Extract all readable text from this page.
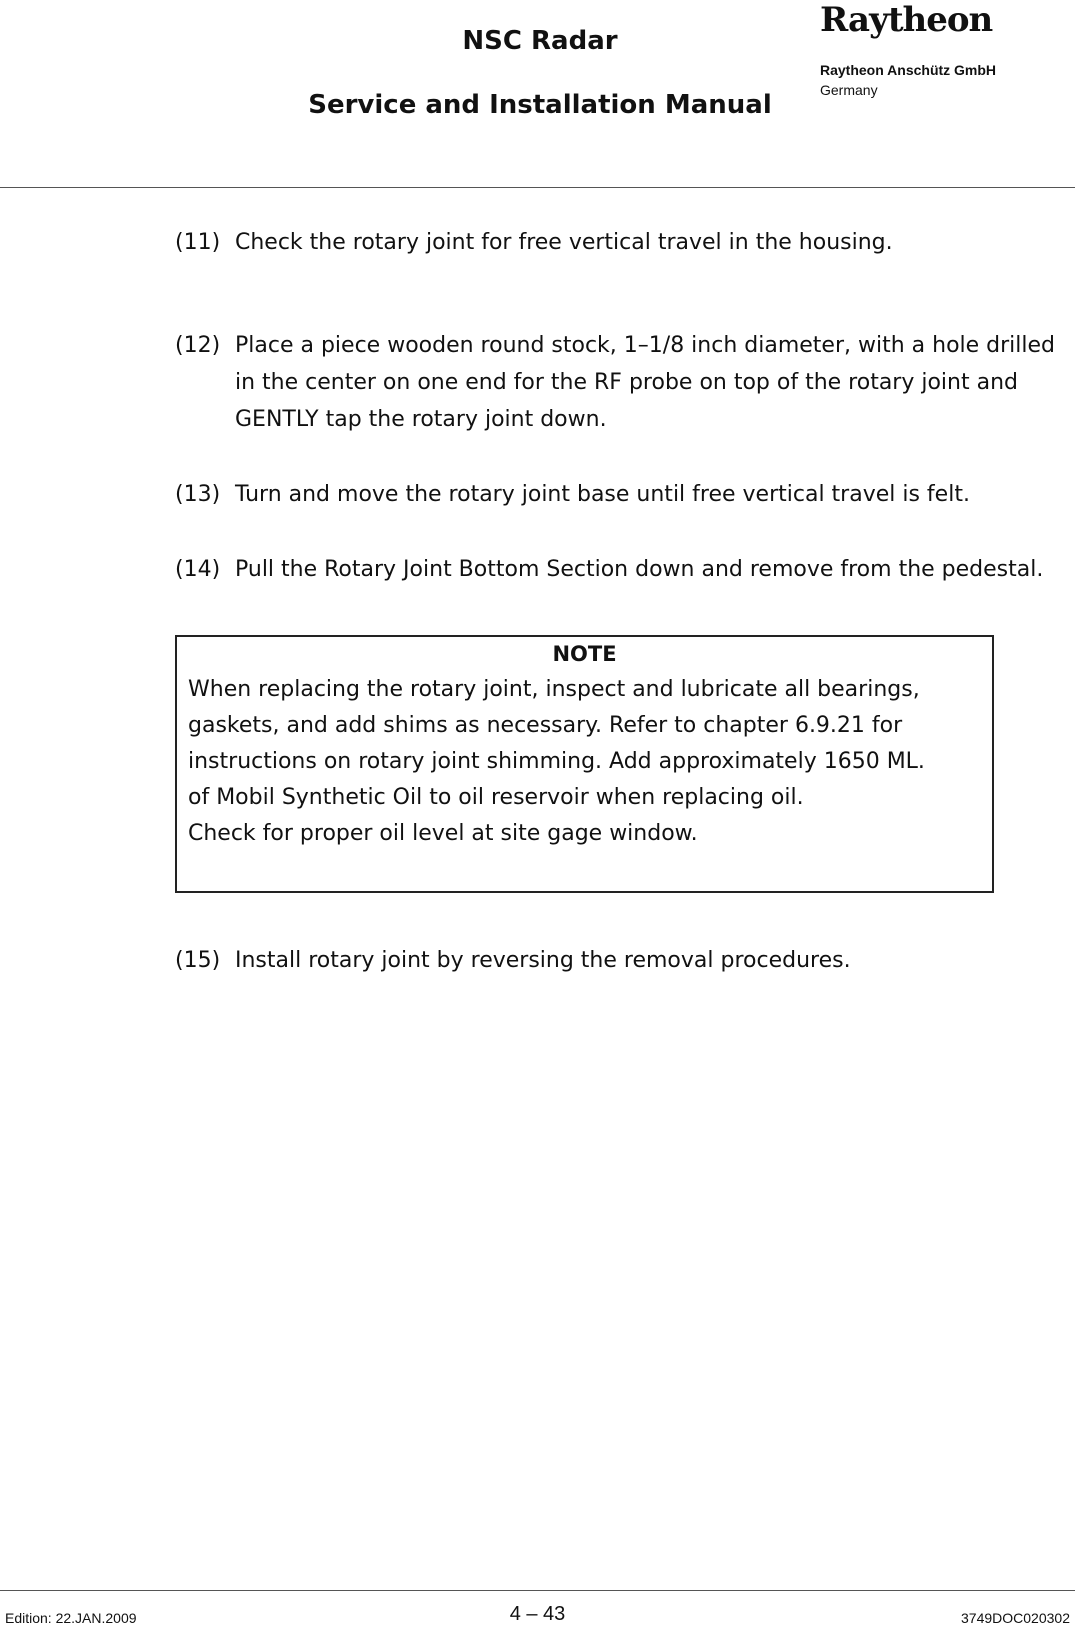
NSC Radar
Service and Installation Manual
Raytheon
Raytheon Anschütz GmbH
Germany
(11) Check the rotary joint for free vertical travel in the housing.
(12) Place a piece wooden round stock, 1–1/8 inch diameter, with a hole drilled in the center on one end for the RF probe on top of the rotary joint and GENTLY tap the rotary joint down.
(13) Turn and move the rotary joint base until free vertical travel is felt.
(14) Pull the Rotary Joint Bottom Section down and remove from the pedestal.
NOTE
When replacing the rotary joint, inspect and lubricate all bearings,
gaskets, and add shims as necessary. Refer to chapter 6.9.21 for
instructions on rotary joint shimming. Add approximately 1650 ML.
of Mobil Synthetic Oil to oil reservoir when replacing oil.
Check for proper oil level at site gage window.
(15) Install rotary joint by reversing the removal procedures.
Edition: 22.JAN.2009	4 – 43	3749DOC020302
